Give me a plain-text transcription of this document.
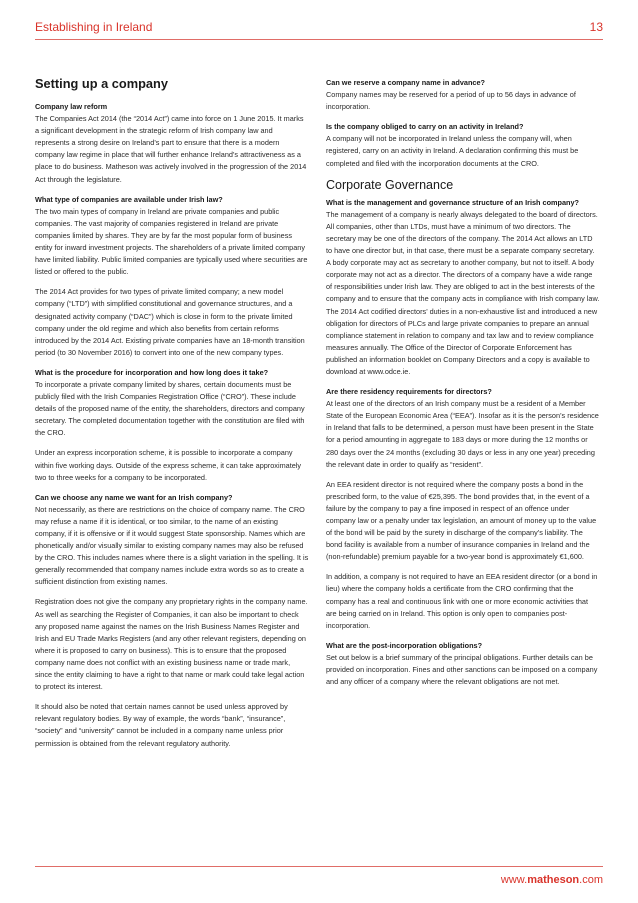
Establishing in Ireland	13
Setting up a company

Company law reform

The Companies Act 2014 (the “2014 Act”) came into force on 1 June 2015. It marks a significant development in the strategic reform of Irish company law and represents a strong desire on Ireland’s part to ensure that there is a modern company law regime in place that will further enhance Ireland’s attractiveness as a place to do business. Matheson was actively involved in the progression of the 2014 Act through the legislature.

What type of companies are available under Irish law?

The two main types of company in Ireland are private companies and public companies. The vast majority of companies registered in Ireland are private companies limited by shares. They are by far the most popular form of business entity for inward investment projects. The shareholders of a private limited company have limited liability. Public limited companies are typically used where securities are listed or offered to the public.

The 2014 Act provides for two types of private limited company; a new model company (“LTD”) with simplified constitutional and governance structures, and a designated activity company (“DAC”) which is close in form to the private limited company under the old regime and which also benefits from certain reforms introduced by the 2014 Act. Existing private companies have an 18-month transition period (to 30 November 2016) to convert into one of the new company types.

What is the procedure for incorporation and how long does it take?

To incorporate a private company limited by shares, certain documents must be publicly filed with the Irish Companies Registration Office (“CRO”). These include details of the proposed name of the entity, the shareholders, directors and company secretary. The completed documentation together with the constitution are filed with the CRO.

Under an express incorporation scheme, it is possible to incorporate a company within five working days. Outside of the express scheme, it can take approximately two to three weeks for a company to be incorporated.

Can we choose any name we want for an Irish company?

Not necessarily, as there are restrictions on the choice of company name. The CRO may refuse a name if it is identical, or too similar, to the name of an existing company, if it is offensive or if it would suggest State sponsorship. Names which are phonetically and/or visually similar to existing company names may also be refused by the CRO. This includes names where there is a slight variation in the spelling. It is generally recommended that company names include extra words so as to create a sufficient distinction from existing names.

Registration does not give the company any proprietary rights in the company name. As well as searching the Register of Companies, it can also be important to check any proposed name against the names on the Irish Business Names Register and Irish and EU Trade Marks Registers (and any other relevant registers, depending on where it is proposed to carry on business). This is to ensure that the proposed company name does not conflict with an existing business name or trade mark, since the entity claiming to have a right to that name or mark could take legal action to protect its interest.

It should also be noted that certain names cannot be used unless approved by relevant regulatory bodies. By way of example, the words “bank”, “insurance”, “society” and “university” cannot be included in a company name unless prior permission is obtained from the relevant regulatory authority.

Can we reserve a company name in advance?

Company names may be reserved for a period of up to 56 days in advance of incorporation.

Is the company obliged to carry on an activity in Ireland?

A company will not be incorporated in Ireland unless the company will, when registered, carry on an activity in Ireland. A declaration confirming this must be completed and filed with the incorporation documents at the CRO.

Corporate Governance

What is the management and governance structure of an Irish company?

The management of a company is nearly always delegated to the board of directors. All companies, other than LTDs, must have a minimum of two directors. The secretary may be one of the directors of the company. The 2014 Act allows an LTD to have one director but, in that case, there must be a separate company secretary. A body corporate may act as secretary to another company, but not to itself. A body corporate may not act as a director. The directors of a company have a wide range of responsibilities under Irish law. They are obliged to act in the best interests of the company and to ensure that the company acts in compliance with Irish company law. The 2014 Act codified directors’ duties in a non-exhaustive list and introduced a new obligation for directors of PLCs and large private companies to prepare an annual compliance statement in relation to company and tax law and to review compliance measures annually. The Office of the Director of Corporate Enforcement has published an information booklet on Company Directors and a copy is available to download at www.odce.ie.

Are there residency requirements for directors?

At least one of the directors of an Irish company must be a resident of a Member State of the European Economic Area (“EEA”). Insofar as it is the person’s residence in Ireland that falls to be determined, a person must have been present in the State for a period amounting in aggregate to 183 days or more during the 12 months or 280 days over the 24 months (excluding 30 days or less in any one year) preceding the relevant date in order to qualify as “resident”.

An EEA resident director is not required where the company posts a bond in the prescribed form, to the value of €25,395. The bond provides that, in the event of a failure by the company to pay a fine imposed in respect of an offence under company law or a penalty under tax legislation, an amount of money up to the value of the bond will be paid by the surety in discharge of the company’s liability. The bond facility is available from a number of insurance companies in Ireland and the (non-refundable) premium payable for a two-year bond is approximately €1,600.

In addition, a company is not required to have an EEA resident director (or a bond in lieu) where the company holds a certificate from the CRO confirming that the company has a real and continuous link with one or more economic activities that are being carried on in Ireland. This option is only open to companies post-incorporation.

What are the post-incorporation obligations?

Set out below is a brief summary of the principal obligations. Further details can be provided on incorporation. Fines and other sanctions can be imposed on a company and any officer of a company where the relevant obligations are not met.

www.matheson.com
